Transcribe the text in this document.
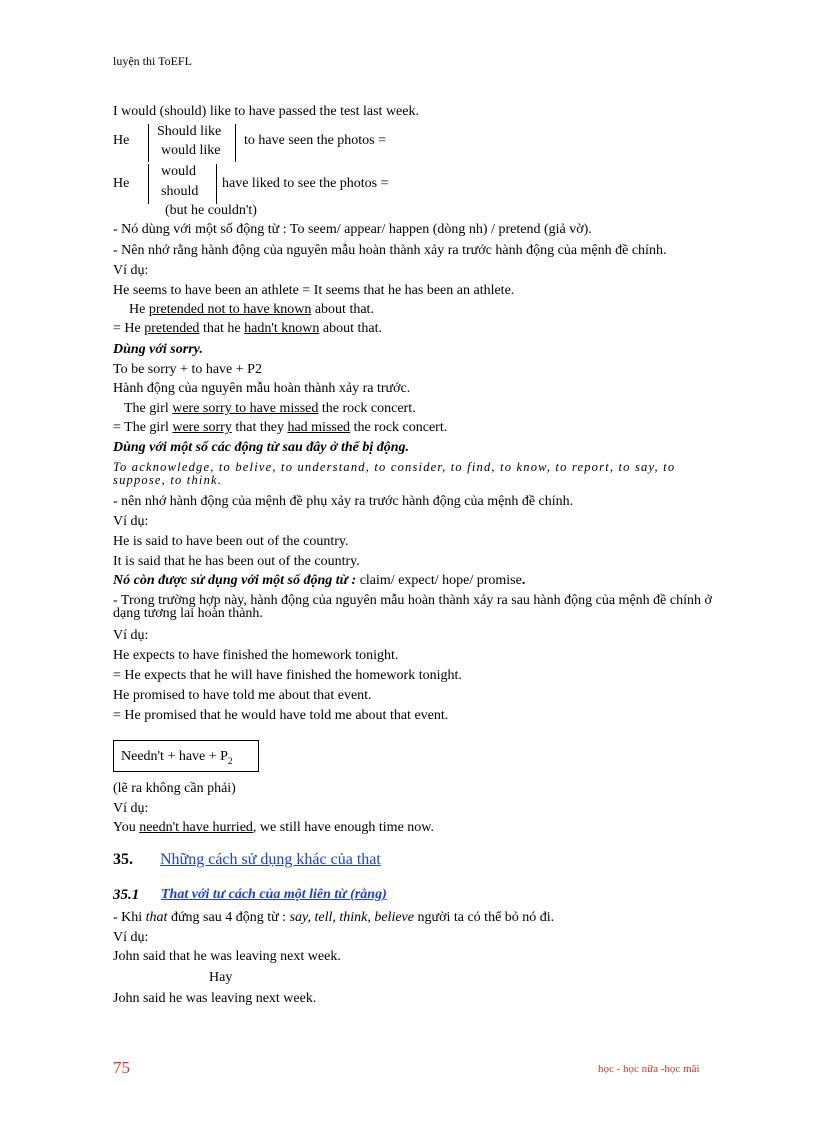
luyện thi ToEFL
I would (should) like to have passed the test last week.
He
Should like
would like
to have seen the photos =
He
would
should
have liked to see the photos =
(but he couldn't)
- Nó dùng với một số động từ : To seem/ appear/ happen (dòng nh) / pretend (giả vờ).
- Nên nhớ rằng hành động của nguyên mẫu hoàn thành xảy ra trước hành động của mệnh đề chính.
Ví dụ:
He seems to have been an athlete = It seems that he has been an athlete.
He pretended not to have known about that.
= He pretended that he hadn't known about that.
Dùng với sorry.
To be sorry + to have + P2
Hành động của nguyên mẫu hoàn thành xảy ra trước.
The girl were sorry to have missed the rock concert.
= The girl were sorry that they had missed the rock concert.
Dùng với một số các động từ sau đây ở thể bị động.
To acknowledge, to belive, to understand, to consider, to find, to know, to report, to say, to suppose, to think.
- nên nhớ hành động của mệnh đề phụ xảy ra trước hành động của mệnh đề chính.
Ví dụ:
He is said to have been out of the country.
It is said that he has been out of the country.
Nó còn được sử dụng với một số động từ : claim/ expect/ hope/ promise.
- Trong trường hợp này, hành động của nguyên mẫu hoàn thành xảy ra sau hành động của mệnh đề chính ở dạng tương lai hoàn thành.
Ví dụ:
He expects to have finished the homework tonight.
= He expects that he will have finished the homework tonight.
He promised to have told me about that event.
= He promised that he would have told me about that event.
Needn't + have + $P_2$
(lẽ ra không cần phải)
Ví dụ:
You needn't have hurried, we still have enough time now.
35. Những cách sử dụng khác của that
35.1 That với tư cách của một liên từ (rằng)
- Khi that đứng sau 4 động từ : say, tell, think, believe người ta có thể bỏ nó đi.
Ví dụ:
John said that he was leaving next week.
Hay
John said he was leaving next week.
75	học - học nữa -học mãi
